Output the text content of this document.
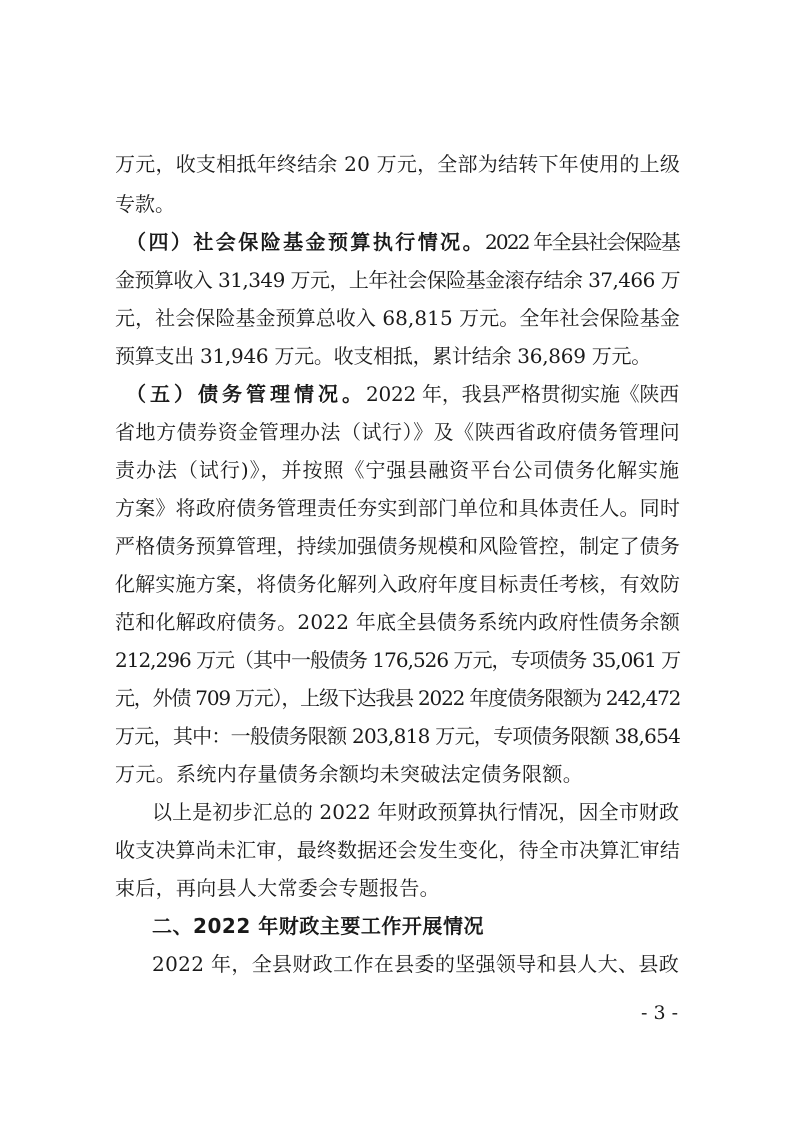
万元，收支相抵年终结余 20 万元，全部为结转下年使用的上级
专款。
（四）社会保险基金预算执行情况。 2022 年全县社会保险基
金预算收入 31,349 万元，上年社会保险基金滚存结余 37,466 万
元，社会保险基金预算总收入 68,815 万元。全年社会保险基金
预算支出 31,946 万元。收支相抵，累计结余 36,869 万元。
（五）债务管理情况。 2022 年，我县严格贯彻实施《陕西
省地方债券资金管理办法（试行）》及《陕西省政府债务管理问
责办法（试行)》，并按照《宁强县融资平台公司债务化解实施
方案》将政府债务管理责任夯实到部门单位和具体责任人。同时
严格债务预算管理，持续加强债务规模和风险管控，制定了债务
化解实施方案，将债务化解列入政府年度目标责任考核，有效防
范和化解政府债务。2022 年底全县债务系统内政府性债务余额
212,296 万元（其中一般债务 176,526 万元，专项债务 35,061 万
元，外债 709 万元），上级下达我县 2022 年度债务限额为 242,472
万元，其中：一般债务限额 203,818 万元，专项债务限额 38,654
万元。系统内存量债务余额均未突破法定债务限额。
以上是初步汇总的 2022 年财政预算执行情况，因全市财政
收支决算尚未汇审，最终数据还会发生变化，待全市决算汇审结
束后，再向县人大常委会专题报告。
二、2022 年财政主要工作开展情况
2022 年，全县财政工作在县委的坚强领导和县人大、县政
- 3 -
